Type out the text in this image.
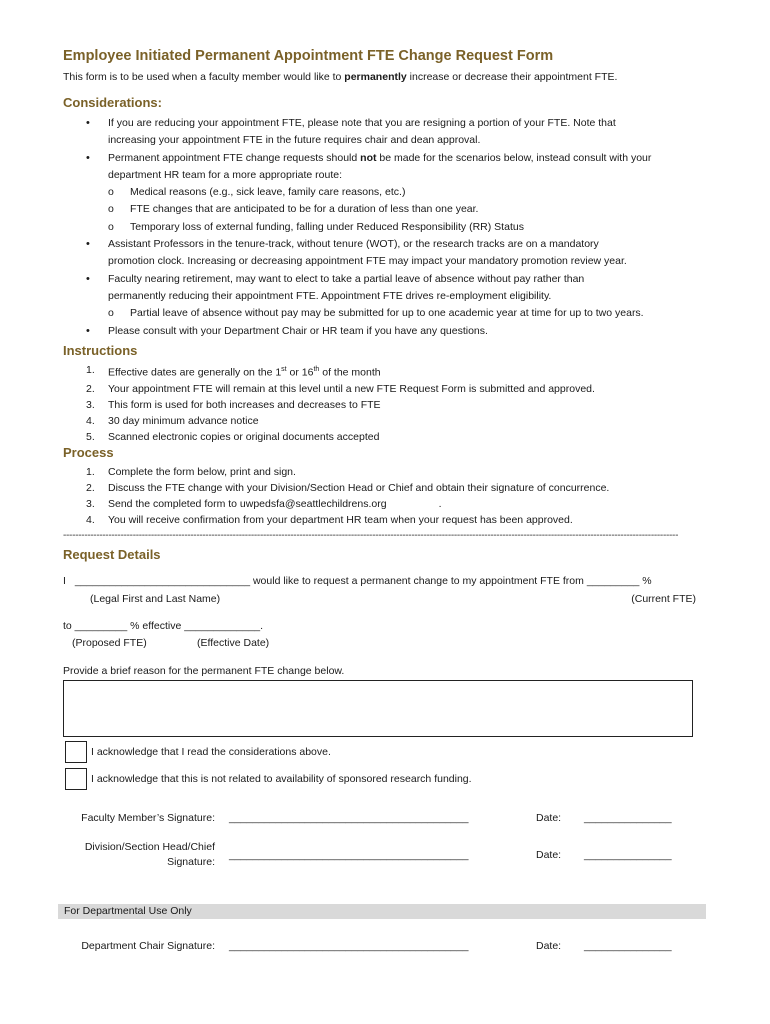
Employee Initiated Permanent Appointment FTE Change Request Form
This form is to be used when a faculty member would like to permanently increase or decrease their appointment FTE.
Considerations:
• If you are reducing your appointment FTE, please note that you are resigning a portion of your FTE. Note that
increasing your appointment FTE in the future requires chair and dean approval.
• Permanent appointment FTE change requests should not be made for the scenarios below, instead consult with your
department HR team for a more appropriate route:
o Medical reasons (e.g., sick leave, family care reasons, etc.)
o FTE changes that are anticipated to be for a duration of less than one year.
o Temporary loss of external funding, falling under Reduced Responsibility (RR) Status
• Assistant Professors in the tenure-track, without tenure (WOT), or the research tracks are on a mandatory
promotion clock. Increasing or decreasing appointment FTE may impact your mandatory promotion review year.
• Faculty nearing retirement, may want to elect to take a partial leave of absence without pay rather than
permanently reducing their appointment FTE. Appointment FTE drives re-employment eligibility.
o Partial leave of absence without pay may be submitted for up to one academic year at time for up to two years.
• Please consult with your Department Chair or HR team if you have any questions.
Instructions
1. Effective dates are generally on the 1st or 16th of the month
2. Your appointment FTE will remain at this level until a new FTE Request Form is submitted and approved.
3. This form is used for both increases and decreases to FTE
4. 30 day minimum advance notice
5. Scanned electronic copies or original documents accepted
Process
1. Complete the form below, print and sign.
2. Discuss the FTE change with your Division/Section Head or Chief and obtain their signature of concurrence.
3. Send the completed form to uwpedsfa@seattlechildrens.org	.
4. You will receive confirmation from your department HR team when your request has been approved.
-----------------------------------------------------------------------------------------------------------------------------------------------------------------------------------------------------------
Request Details
I ______________________________ would like to request a permanent change to my appointment FTE from _________ %
(Legal First and Last Name)	(Current FTE)
to _________ % effective _____________.
(Proposed FTE)	(Effective Date)
Provide a brief reason for the permanent FTE change below.
I acknowledge that I read the considerations above.
I acknowledge that this is not related to availability of sponsored research funding.
Faculty Member’s Signature: _________________________________________	Date: _______________
Division/Section Head/Chief
Signature:
_________________________________________	Date: _______________
For Departmental Use Only
Department Chair Signature: _________________________________________	Date: _______________
